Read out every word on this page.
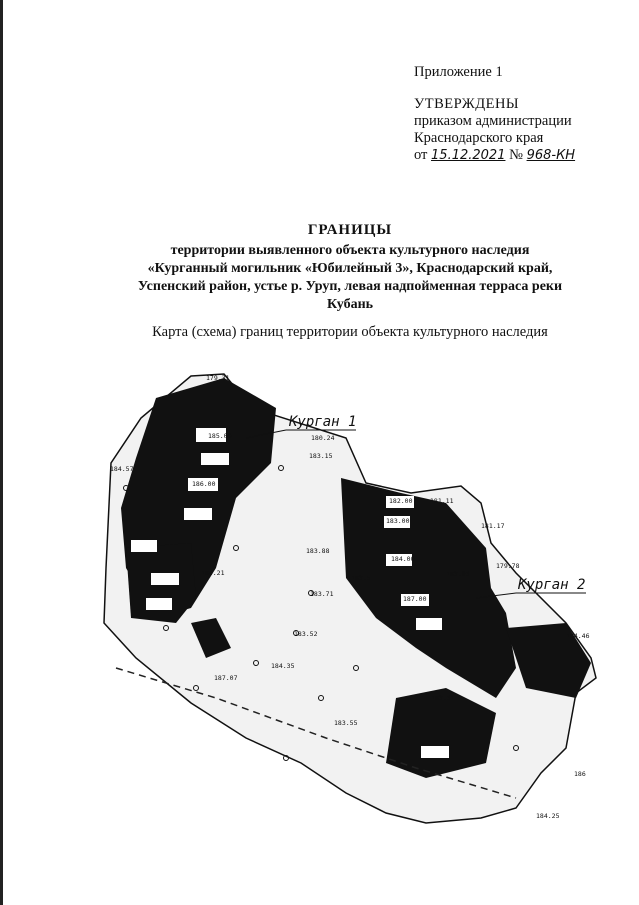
Приложение 1
УТВЕРЖДЕНЫ
приказом администрации
Краснодарского края
от 15.12.2021 № 968-КН
ГРАНИЦЫ
территории выявленного объекта культурного наследия
«Курганный могильник «Юбилейный 3», Краснодарский край,
Успенский район, устье р. Уруп, левая надпойменная терраса реки
Кубань
Карта (схема) границ территории объекта культурного наследия
179.31
180.24
183.15
184.57
181.11
181.17
179.78
184.46
183.71
183.52
187.07
183.55
184.25
186
185.00
186.00
182.00
183.00
184.00
187.00
184.21
183.88
183.5
183.31
183.93
184.35
Курган 1
Курган 2
